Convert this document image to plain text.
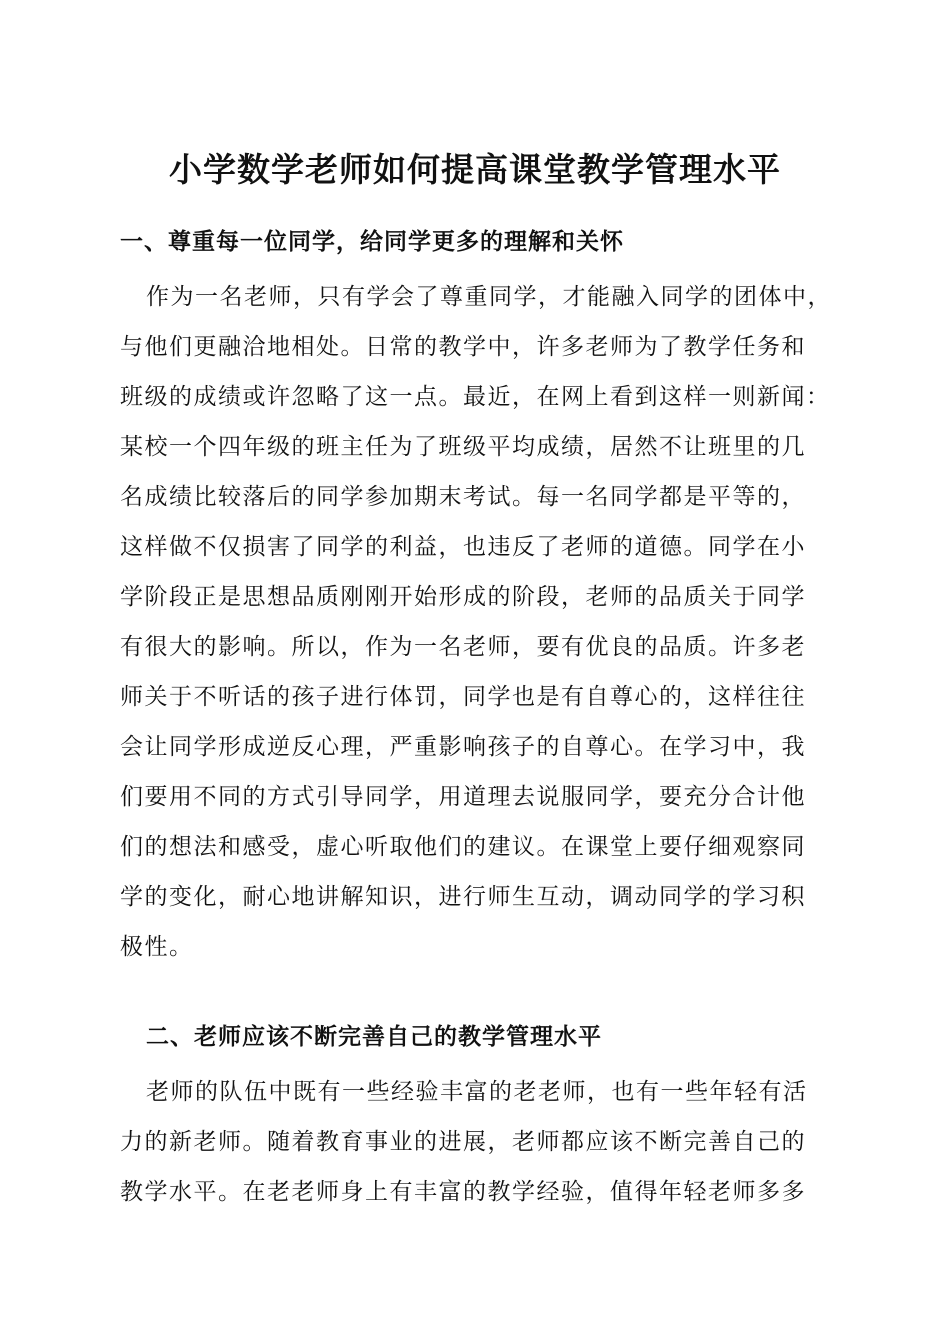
小学数学老师如何提高课堂教学管理水平
一、尊重每一位同学，给同学更多的理解和关怀

作为一名老师，只有学会了尊重同学，才能融入同学的团体中，
与他们更融洽地相处。日常的教学中，许多老师为了教学任务和
班级的成绩或许忽略了这一点。最近，在网上看到这样一则新闻：
某校一个四年级的班主任为了班级平均成绩，居然不让班里的几
名成绩比较落后的同学参加期末考试。每一名同学都是平等的，
这样做不仅损害了同学的利益，也违反了老师的道德。同学在小
学阶段正是思想品质刚刚开始形成的阶段，老师的品质关于同学
有很大的影响。所以，作为一名老师，要有优良的品质。许多老
师关于不听话的孩子进行体罚，同学也是有自尊心的，这样往往
会让同学形成逆反心理，严重影响孩子的自尊心。在学习中，我
们要用不同的方式引导同学，用道理去说服同学，要充分合计他
们的想法和感受，虚心听取他们的建议。在课堂上要仔细观察同
学的变化，耐心地讲解知识，进行师生互动，调动同学的学习积
极性。

二、老师应该不断完善自己的教学管理水平

老师的队伍中既有一些经验丰富的老老师，也有一些年轻有活
力的新老师。随着教育事业的进展，老师都应该不断完善自己的
教学水平。在老老师身上有丰富的教学经验，值得年轻老师多多
